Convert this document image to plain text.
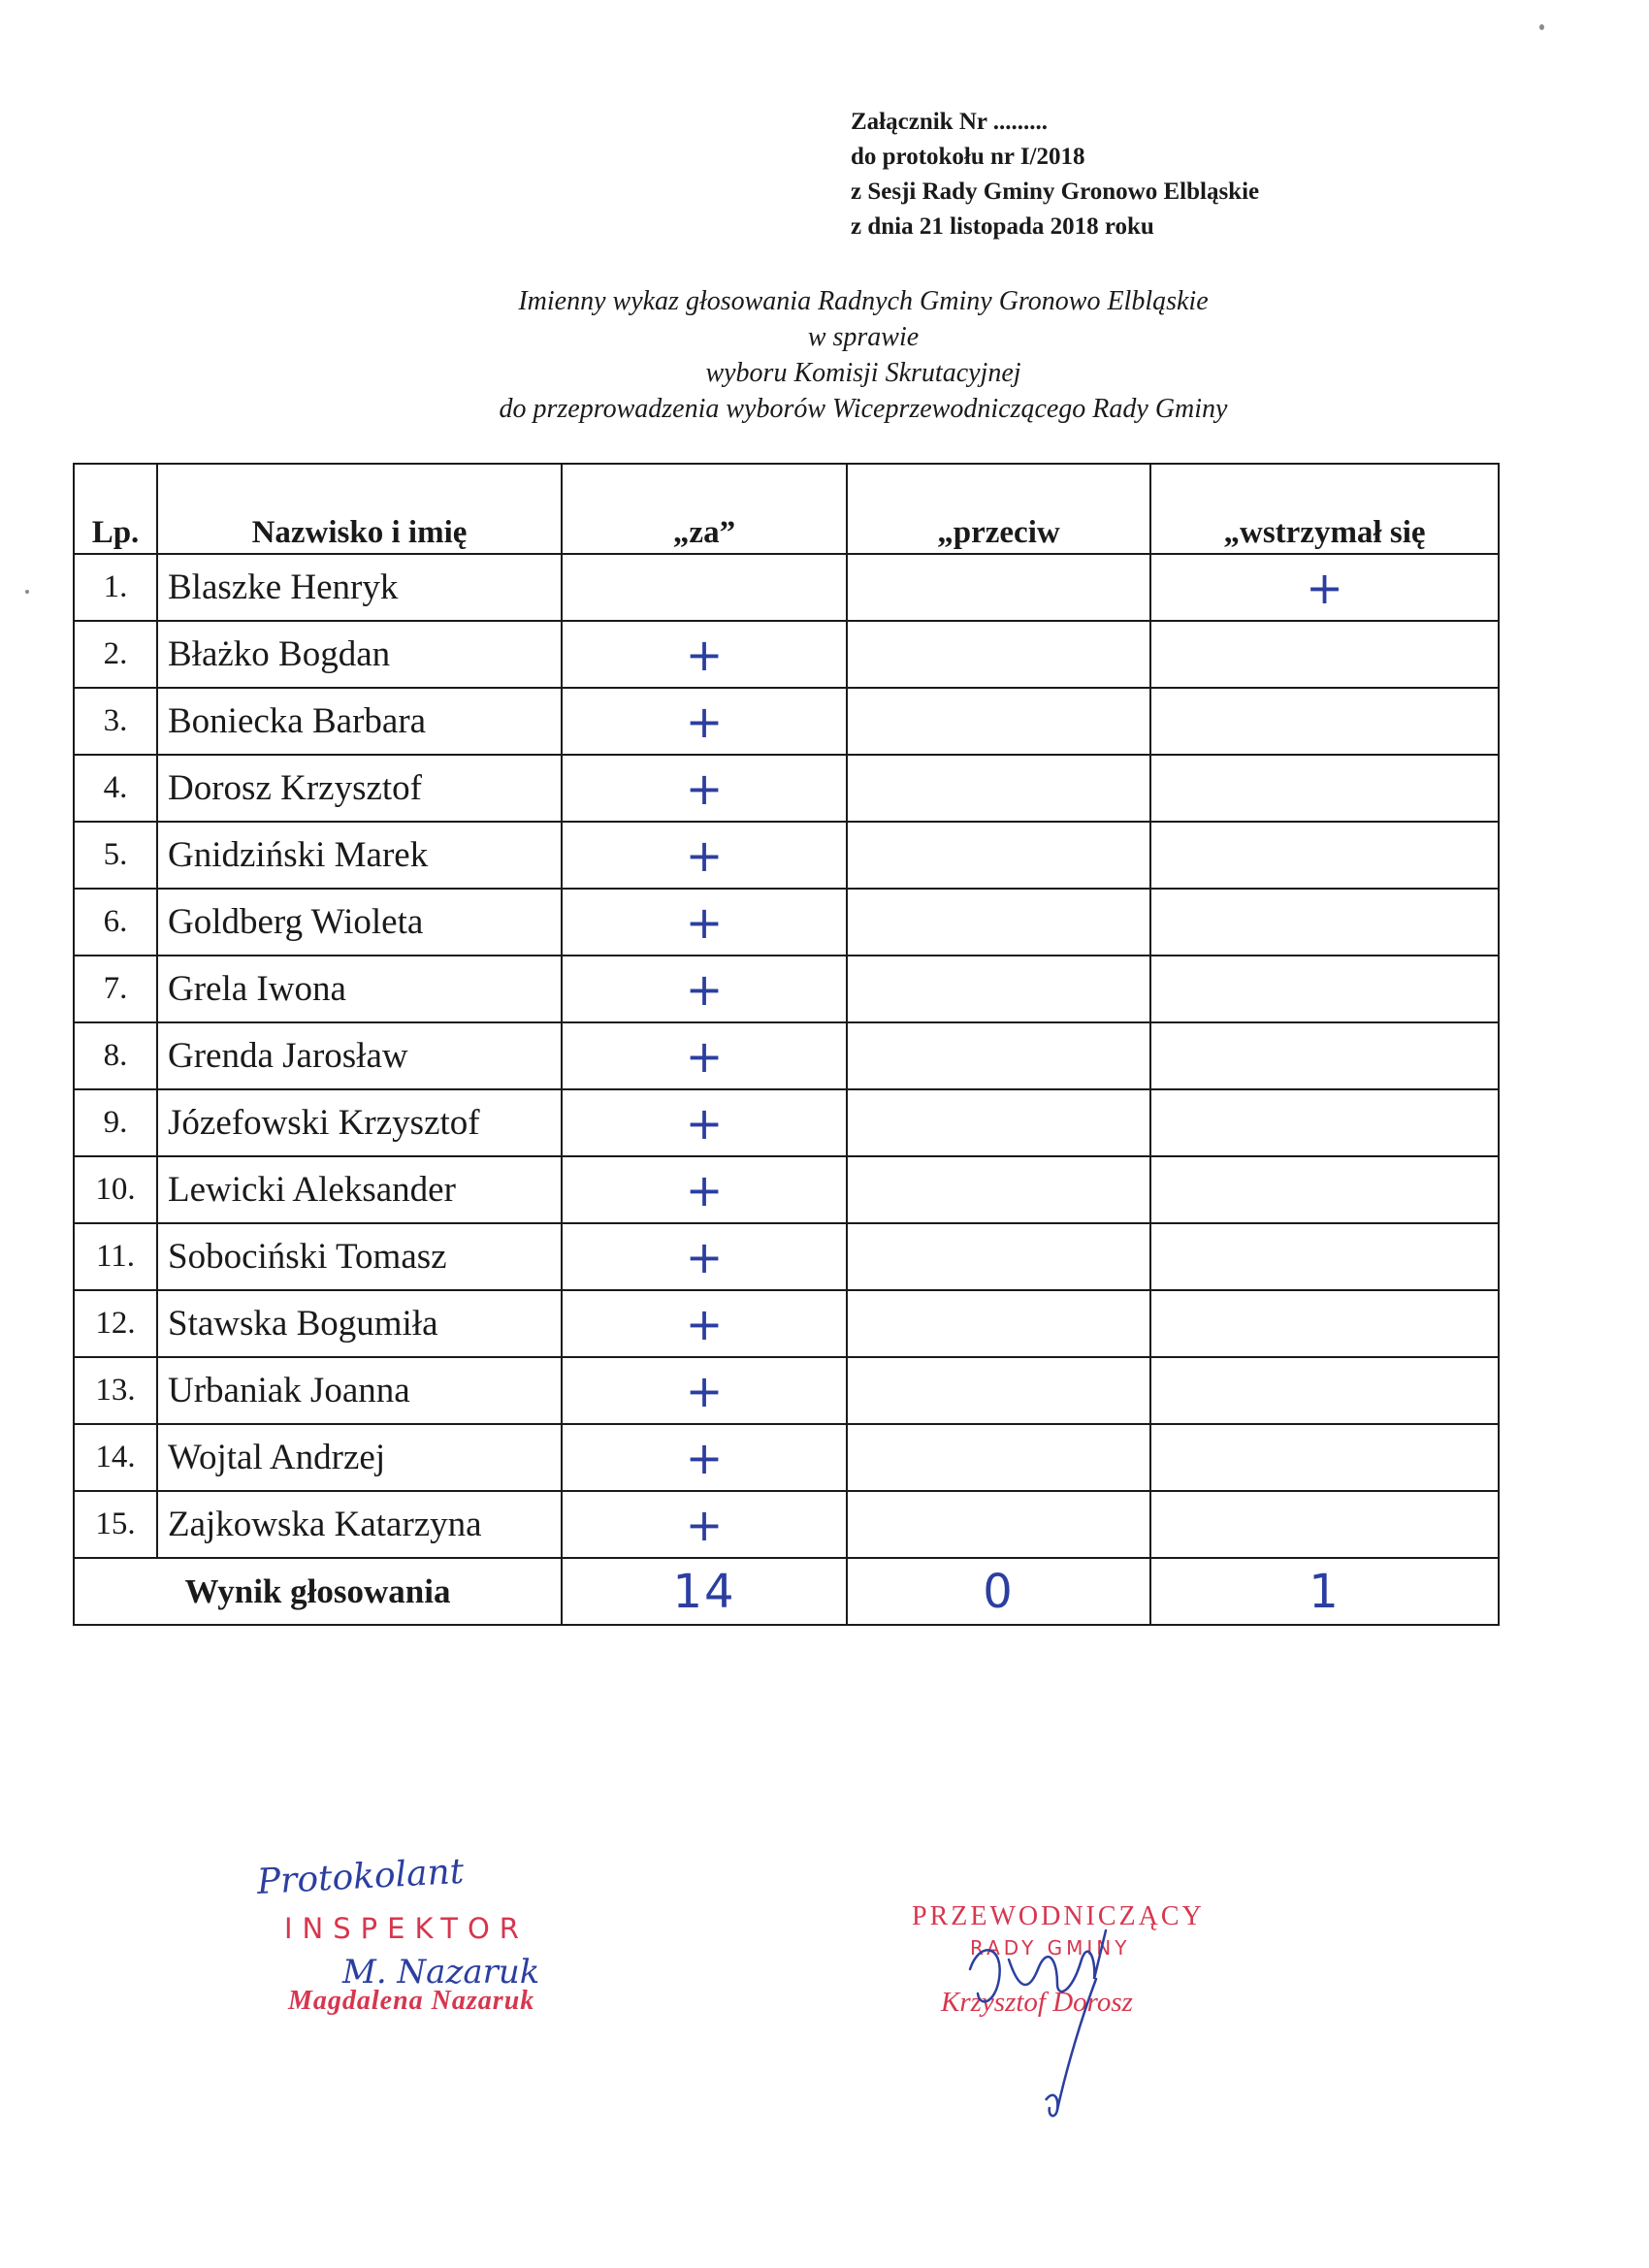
Załącznik Nr .........
do protokołu nr I/2018
z Sesji Rady Gminy Gronowo Elbląskie
z dnia 21 listopada 2018 roku
Imienny wykaz głosowania Radnych Gminy Gronowo Elbląskie
w sprawie
wyboru Komisji Skrutacyjnej
do przeprowadzenia wyborów Wiceprzewodniczącego Rady Gminy
Lp.	Nazwisko i imię	„za”	„przeciw	„wstrzymał się
1.	Blaszke Henryk			+
2.	Błażko Bogdan	+		
3.	Boniecka Barbara	+		
4.	Dorosz Krzysztof	+		
5.	Gnidziński Marek	+		
6.	Goldberg Wioleta	+		
7.	Grela Iwona	+		
8.	Grenda Jarosław	+		
9.	Józefowski Krzysztof	+		
10.	Lewicki Aleksander	+		
11.	Sobociński Tomasz	+		
12.	Stawska Bogumiła	+		
13.	Urbaniak Joanna	+		
14.	Wojtal Andrzej	+		
15.	Zajkowska Katarzyna	+		
Wynik głosowania		14	0	1
Protokolant
INSPEKTOR
M. Nazaruk
Magdalena Nazaruk
PRZEWODNICZĄCY
RADY GMINY
Krzysztof Dorosz
